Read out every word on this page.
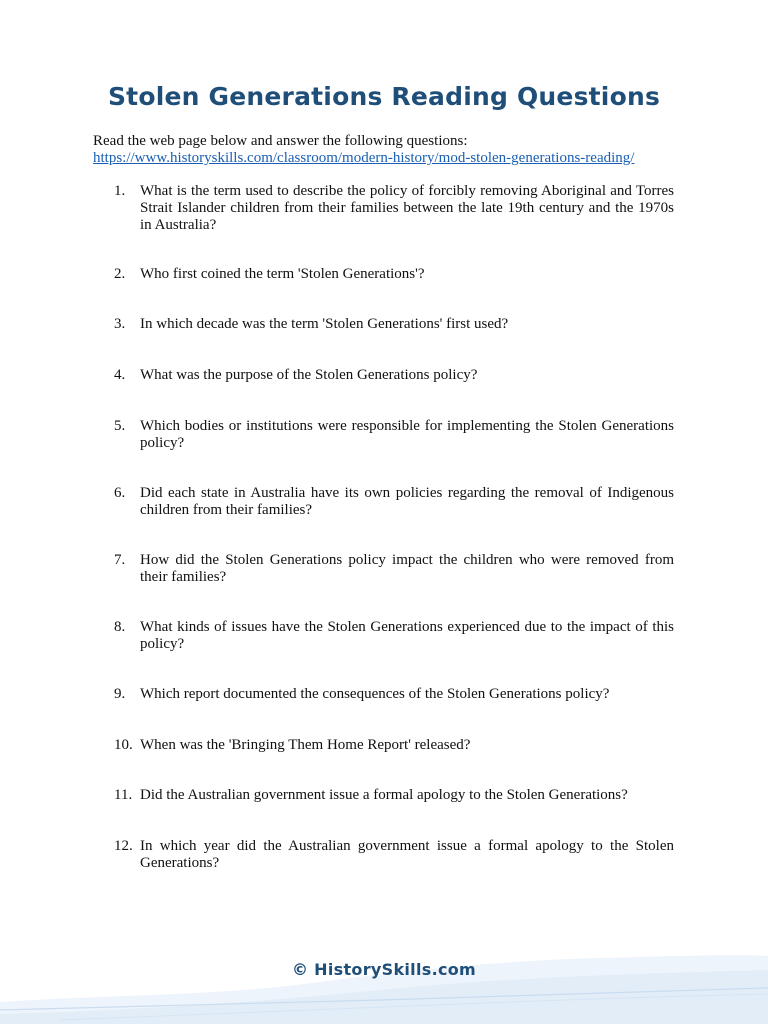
Stolen Generations Reading Questions
Read the web page below and answer the following questions:
https://www.historyskills.com/classroom/modern-history/mod-stolen-generations-reading/
1. What is the term used to describe the policy of forcibly removing Aboriginal and Torres Strait Islander children from their families between the late 19th century and the 1970s in Australia?
2. Who first coined the term 'Stolen Generations'?
3. In which decade was the term 'Stolen Generations' first used?
4. What was the purpose of the Stolen Generations policy?
5. Which bodies or institutions were responsible for implementing the Stolen Generations policy?
6. Did each state in Australia have its own policies regarding the removal of Indigenous children from their families?
7. How did the Stolen Generations policy impact the children who were removed from their families?
8. What kinds of issues have the Stolen Generations experienced due to the impact of this policy?
9. Which report documented the consequences of the Stolen Generations policy?
10. When was the 'Bringing Them Home Report' released?
11. Did the Australian government issue a formal apology to the Stolen Generations?
12. In which year did the Australian government issue a formal apology to the Stolen Generations?
© HistorySkills.com
